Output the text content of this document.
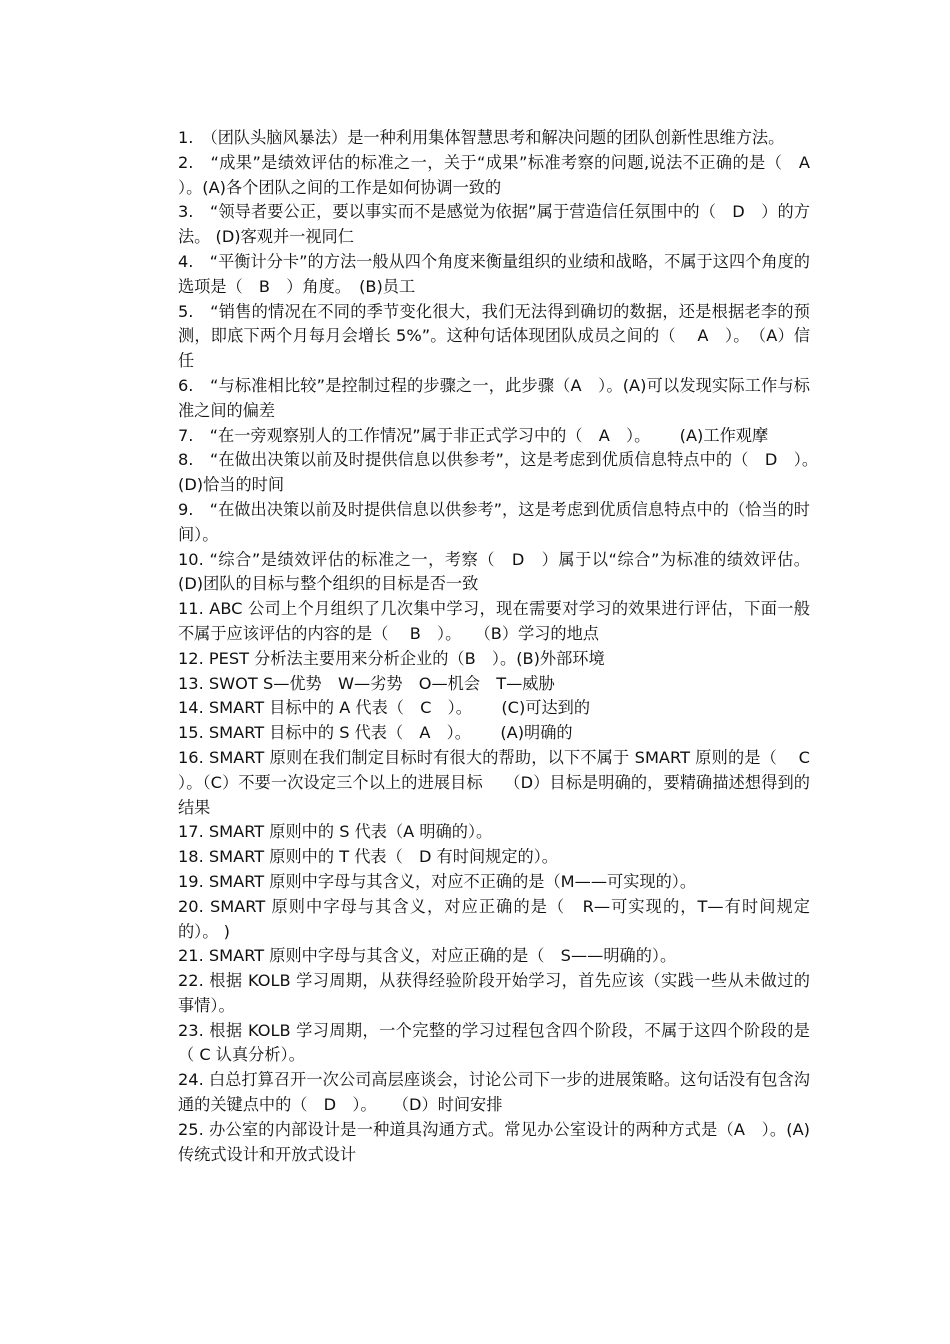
1.　（团队头脑风暴法）是一种利用集体智慧思考和解决问题的团队创新性思维方法。

2.　“成果”是绩效评估的标准之一，关于“成果”标准考察的问题,说法不正确的是（　A　）。(A)各个团队之间的工作是如何协调一致的

3.　“领导者要公正，要以事实而不是感觉为依据”属于营造信任氛围中的（　D　）的方法。 (D)客观并一视同仁

4.　“平衡计分卡”的方法一般从四个角度来衡量组织的业绩和战略，不属于这四个角度的选项是（　B　）角度。　(B)员工

5.　“销售的情况在不同的季节变化很大，我们无法得到确切的数据，还是根据老李的预测，即底下两个月每月会增长 5%”。这种句话体现团队成员之间的（　 A　）。　（A）信任

6.　“与标准相比较”是控制过程的步骤之一，此步骤（A　）。(A)可以发现实际工作与标准之间的偏差

7.　“在一旁观察别人的工作情况”属于非正式学习中的（　A　）。　　 (A)工作观摩

8.　“在做出决策以前及时提供信息以供参考”，这是考虑到优质信息特点中的（　D　）。　(D)恰当的时间

9.　“在做出决策以前及时提供信息以供参考”，这是考虑到优质信息特点中的（恰当的时间）。

10. “综合”是绩效评估的标准之一，考察（　D　）属于以“综合”为标准的绩效评估。 (D)团队的目标与整个组织的目标是否一致

11. ABC 公司上个月组织了几次集中学习，现在需要对学习的效果进行评估，下面一般不属于应该评估的内容的是（　 B　）。　 （B）学习的地点

12. PEST 分析法主要用来分析企业的（B　）。(B)外部环境

13. SWOT S—优势　W—劣势　O—机会　T—威胁

14. SMART 目标中的 A 代表（　C　）。　　 (C)可达到的

15. SMART 目标中的 S 代表（　A　）。　　 (A)明确的

16. SMART 原则在我们制定目标时有很大的帮助，以下不属于 SMART 原则的是（　 C　）。（C）不要一次设定三个以上的进展目标　 （D）目标是明确的，要精确描述想得到的结果

17. SMART 原则中的 S 代表（A 明确的）。

18. SMART 原则中的 T 代表（　D 有时间规定的）。

19. SMART 原则中字母与其含义，对应不正确的是（M——可实现的）。

20. SMART 原则中字母与其含义，对应正确的是（　R—可实现的，T—有时间规定的）。 )

21. SMART 原则中字母与其含义，对应正确的是（　S——明确的）。

22. 根据 KOLB 学习周期，从获得经验阶段开始学习，首先应该（实践一些从未做过的事情）。

23. 根据 KOLB 学习周期，一个完整的学习过程包含四个阶段，不属于这四个阶段的是（ C 认真分析）。

24. 白总打算召开一次公司高层座谈会，讨论公司下一步的进展策略。这句话没有包含沟通的关键点中的（　D　）。　　（D）时间安排

25. 办公室的内部设计是一种道具沟通方式。常见办公室设计的两种方式是（A　）。(A)传统式设计和开放式设计
